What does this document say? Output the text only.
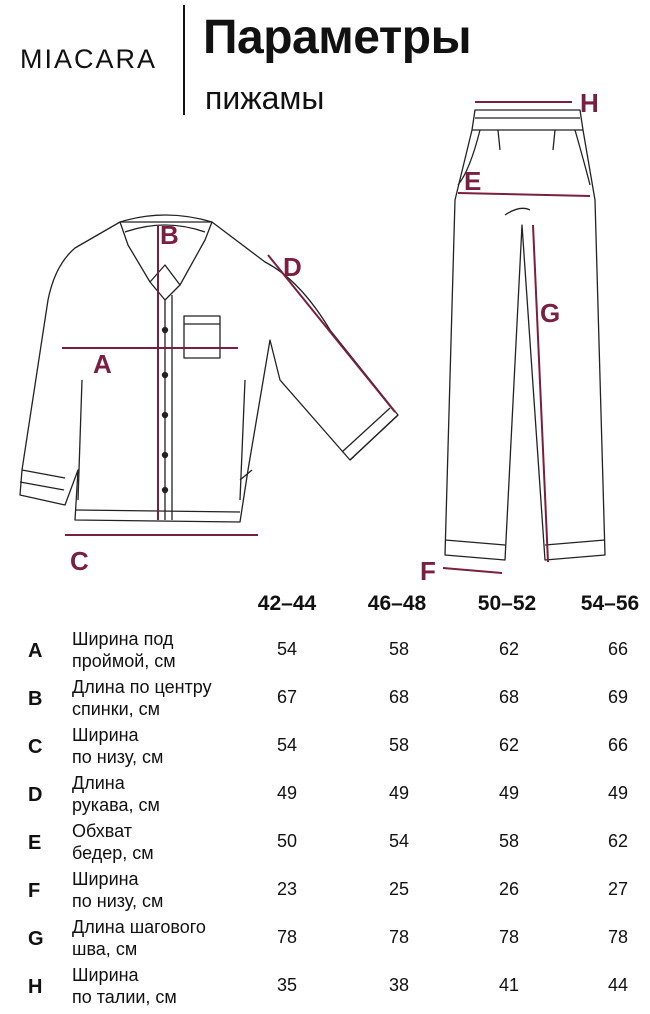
MIACARA Параметры
пижамы
A
B
C
D
E
F
G
H
42–44	46–48	50–52	54–56
A
Ширина под
проймой, см
54	58	62	66
B
Длина по центру
спинки, см
67	68	68	69
C
Ширина
по низу, см
54	58	62	66
D
Длина
рукава, см
49	49	49	49
E
Обхват
бедер, см
50	54	58	62
F
Ширина
по низу, см
23	25	26	27
G
Длина шагового
шва, см
78	78	78	78
H
Ширина
по талии, см
35	38	41	44
